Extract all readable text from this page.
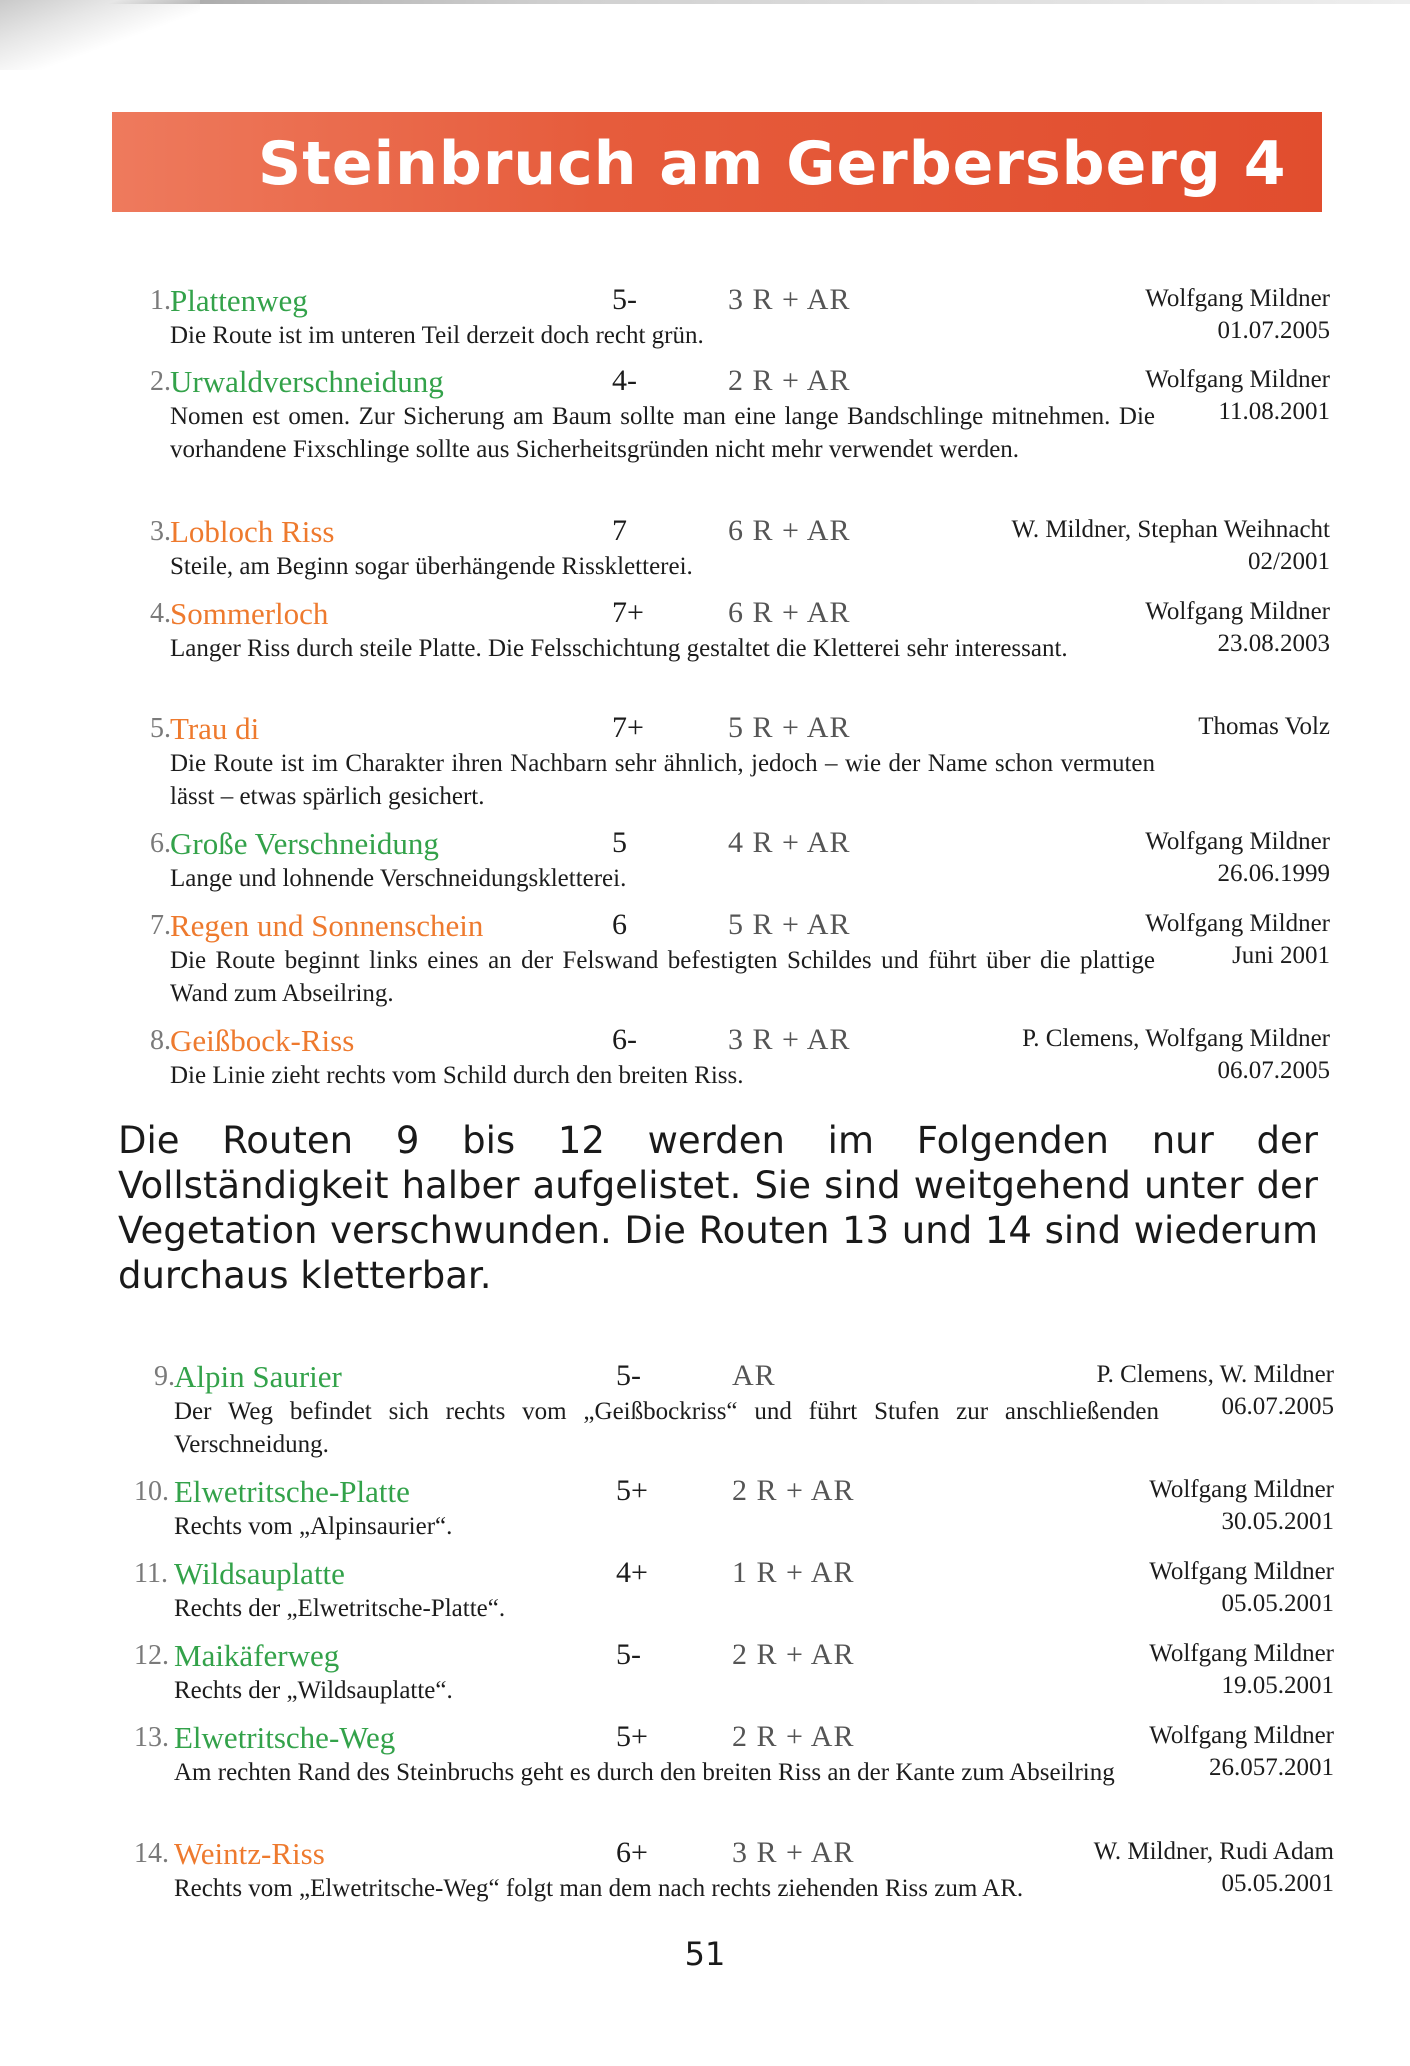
Steinbruch am Gerbersberg 4
1. Plattenweg	5-	3 R + AR	Wolfgang Mildner
01.07.2005
Die Route ist im unteren Teil derzeit doch recht grün.
2. Urwaldverschneidung	4-	2 R + AR	Wolfgang Mildner
11.08.2001
Nomen est omen. Zur Sicherung am Baum sollte man eine lange Bandschlinge mitnehmen. Die vorhandene Fixschlinge sollte aus Sicherheitsgründen nicht mehr verwendet werden.
3. Lobloch Riss	7	6 R + AR	W. Mildner, Stephan Weihnacht
02/2001
Steile, am Beginn sogar überhängende Risskletterei.
4. Sommerloch	7+	6 R + AR	Wolfgang Mildner
23.08.2003
Langer Riss durch steile Platte. Die Felsschichtung gestaltet die Kletterei sehr interessant.
5. Trau di	7+	5 R + AR	Thomas Volz
Die Route ist im Charakter ihren Nachbarn sehr ähnlich, jedoch – wie der Name schon vermuten lässt – etwas spärlich gesichert.
6. Große Verschneidung	5	4 R + AR	Wolfgang Mildner
26.06.1999
Lange und lohnende Verschneidungskletterei.
7. Regen und Sonnenschein	6	5 R + AR	Wolfgang Mildner
Juni 2001
Die Route beginnt links eines an der Felswand befestigten Schildes und führt über die plattige Wand zum Abseilring.
8. Geißbock-Riss	6-	3 R + AR	P. Clemens, Wolfgang Mildner
06.07.2005
Die Linie zieht rechts vom Schild durch den breiten Riss.
Die Routen 9 bis 12 werden im Folgenden nur der Vollständigkeit halber aufgelistet. Sie sind weitgehend unter der Vegetation verschwunden. Die Routen 13 und 14 sind wiederum durchaus kletterbar.
9. Alpin Saurier	5-	AR	P. Clemens, W. Mildner
06.07.2005
Der Weg befindet sich rechts vom „Geißbockriss“ und führt Stufen zur anschließenden Verschneidung.
10. Elwetritsche-Platte	5+	2 R + AR	Wolfgang Mildner
30.05.2001
Rechts vom „Alpinsaurier“.
11. Wildsauplatte	4+	1 R + AR	Wolfgang Mildner
05.05.2001
Rechts der „Elwetritsche-Platte“.
12. Maikäferweg	5-	2 R + AR	Wolfgang Mildner
19.05.2001
Rechts der „Wildsauplatte“.
13. Elwetritsche-Weg	5+	2 R + AR	Wolfgang Mildner
26.057.2001
Am rechten Rand des Steinbruchs geht es durch den breiten Riss an der Kante zum Abseilring
14. Weintz-Riss	6+	3 R + AR	W. Mildner, Rudi Adam
05.05.2001
Rechts vom „Elwetritsche-Weg“ folgt man dem nach rechts ziehenden Riss zum AR.
51
